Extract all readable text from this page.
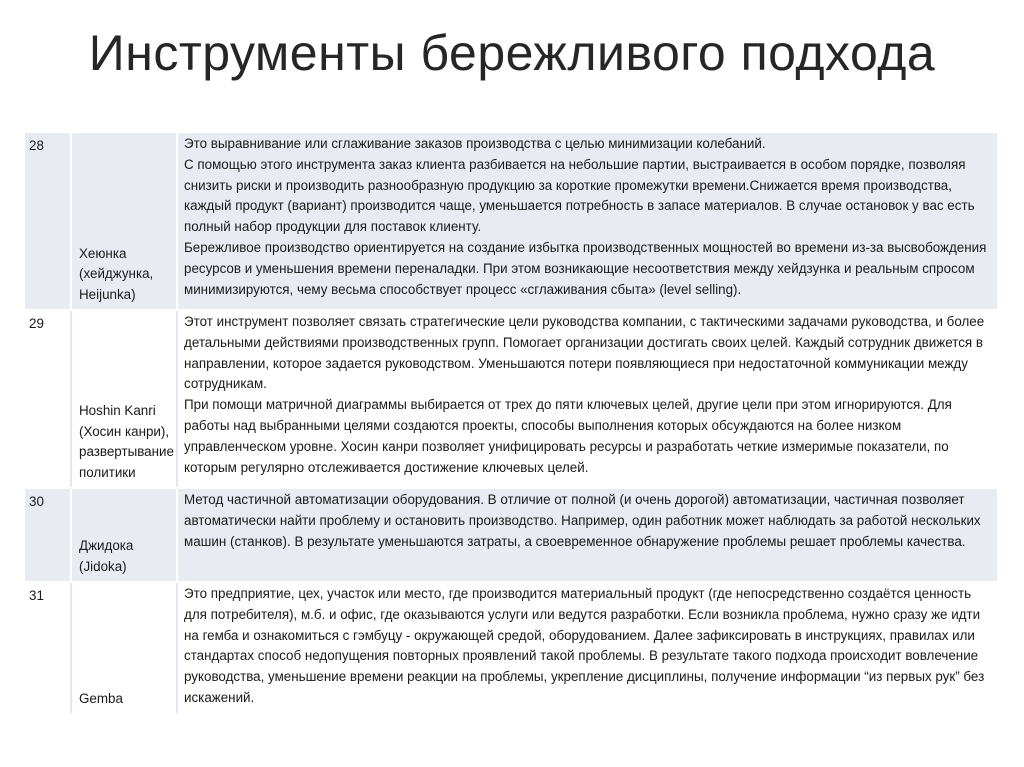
Инструменты бережливого подхода
28	Хеюнка (хейджунка, Heijunka)	Это выравнивание или сглаживание заказов производства с целью минимизации колебаний.
С помощью этого инструмента заказ клиента разбивается на небольшие партии, выстраивается в особом порядке, позволяя снизить риски и производить разнообразную продукцию за короткие промежутки времени.Снижается время производства, каждый продукт (вариант) производится чаще, уменьшается потребность в запасе материалов. В случае остановок у вас есть полный набор продукции для поставок клиенту.
Бережливое производство ориентируется на создание избытка производственных мощностей во времени из-за высвобождения ресурсов и уменьшения времени переналадки. При этом возникающие несоответствия между хейдзунка и реальным спросом минимизируются, чему весьма способствует процесс «сглаживания сбыта» (level selling).

29	Hoshin Kanri (Хосин канри), развертывание политики	Этот инструмент позволяет связать стратегические цели руководства компании, с тактическими задачами руководства, и более детальными действиями производственных групп. Помогает организации достигать своих целей. Каждый сотрудник движется в направлении, которое задается руководством. Уменьшаются потери появляющиеся при недостаточной коммуникации между сотрудникам.
При помощи матричной диаграммы выбирается от трех до пяти ключевых целей, другие цели при этом игнорируются. Для работы над выбранными целями создаются проекты, способы выполнения которых обсуждаются на более низком управленческом уровне. Хосин канри позволяет унифицировать ресурсы и разработать четкие измеримые показатели, по которым регулярно отслеживается достижение ключевых целей.

30	Джидока (Jidoka)	Метод частичной автоматизации оборудования. В отличие от полной (и очень дорогой) автоматизации, частичная позволяет автоматически найти проблему и остановить производство. Например, один работник может наблюдать за работой нескольких машин (станков). В результате уменьшаются затраты, а своевременное обнаружение проблемы решает проблемы качества.

31	Gemba	Это предприятие, цех, участок или место, где производится материальный продукт (где непосредственно создаётся ценность для потребителя), м.б. и офис, где оказываются услуги или ведутся разработки. Если возникла проблема, нужно сразу же идти на гемба и ознакомиться с гэмбуцу - окружающей средой, оборудованием. Далее зафиксировать в инструкциях, правилах или стандартах способ недопущения повторных проявлений такой проблемы. В результате такого подхода происходит вовлечение руководства, уменьшение времени реакции на проблемы, укрепление дисциплины, получение информации “из первых рук” без искажений.
